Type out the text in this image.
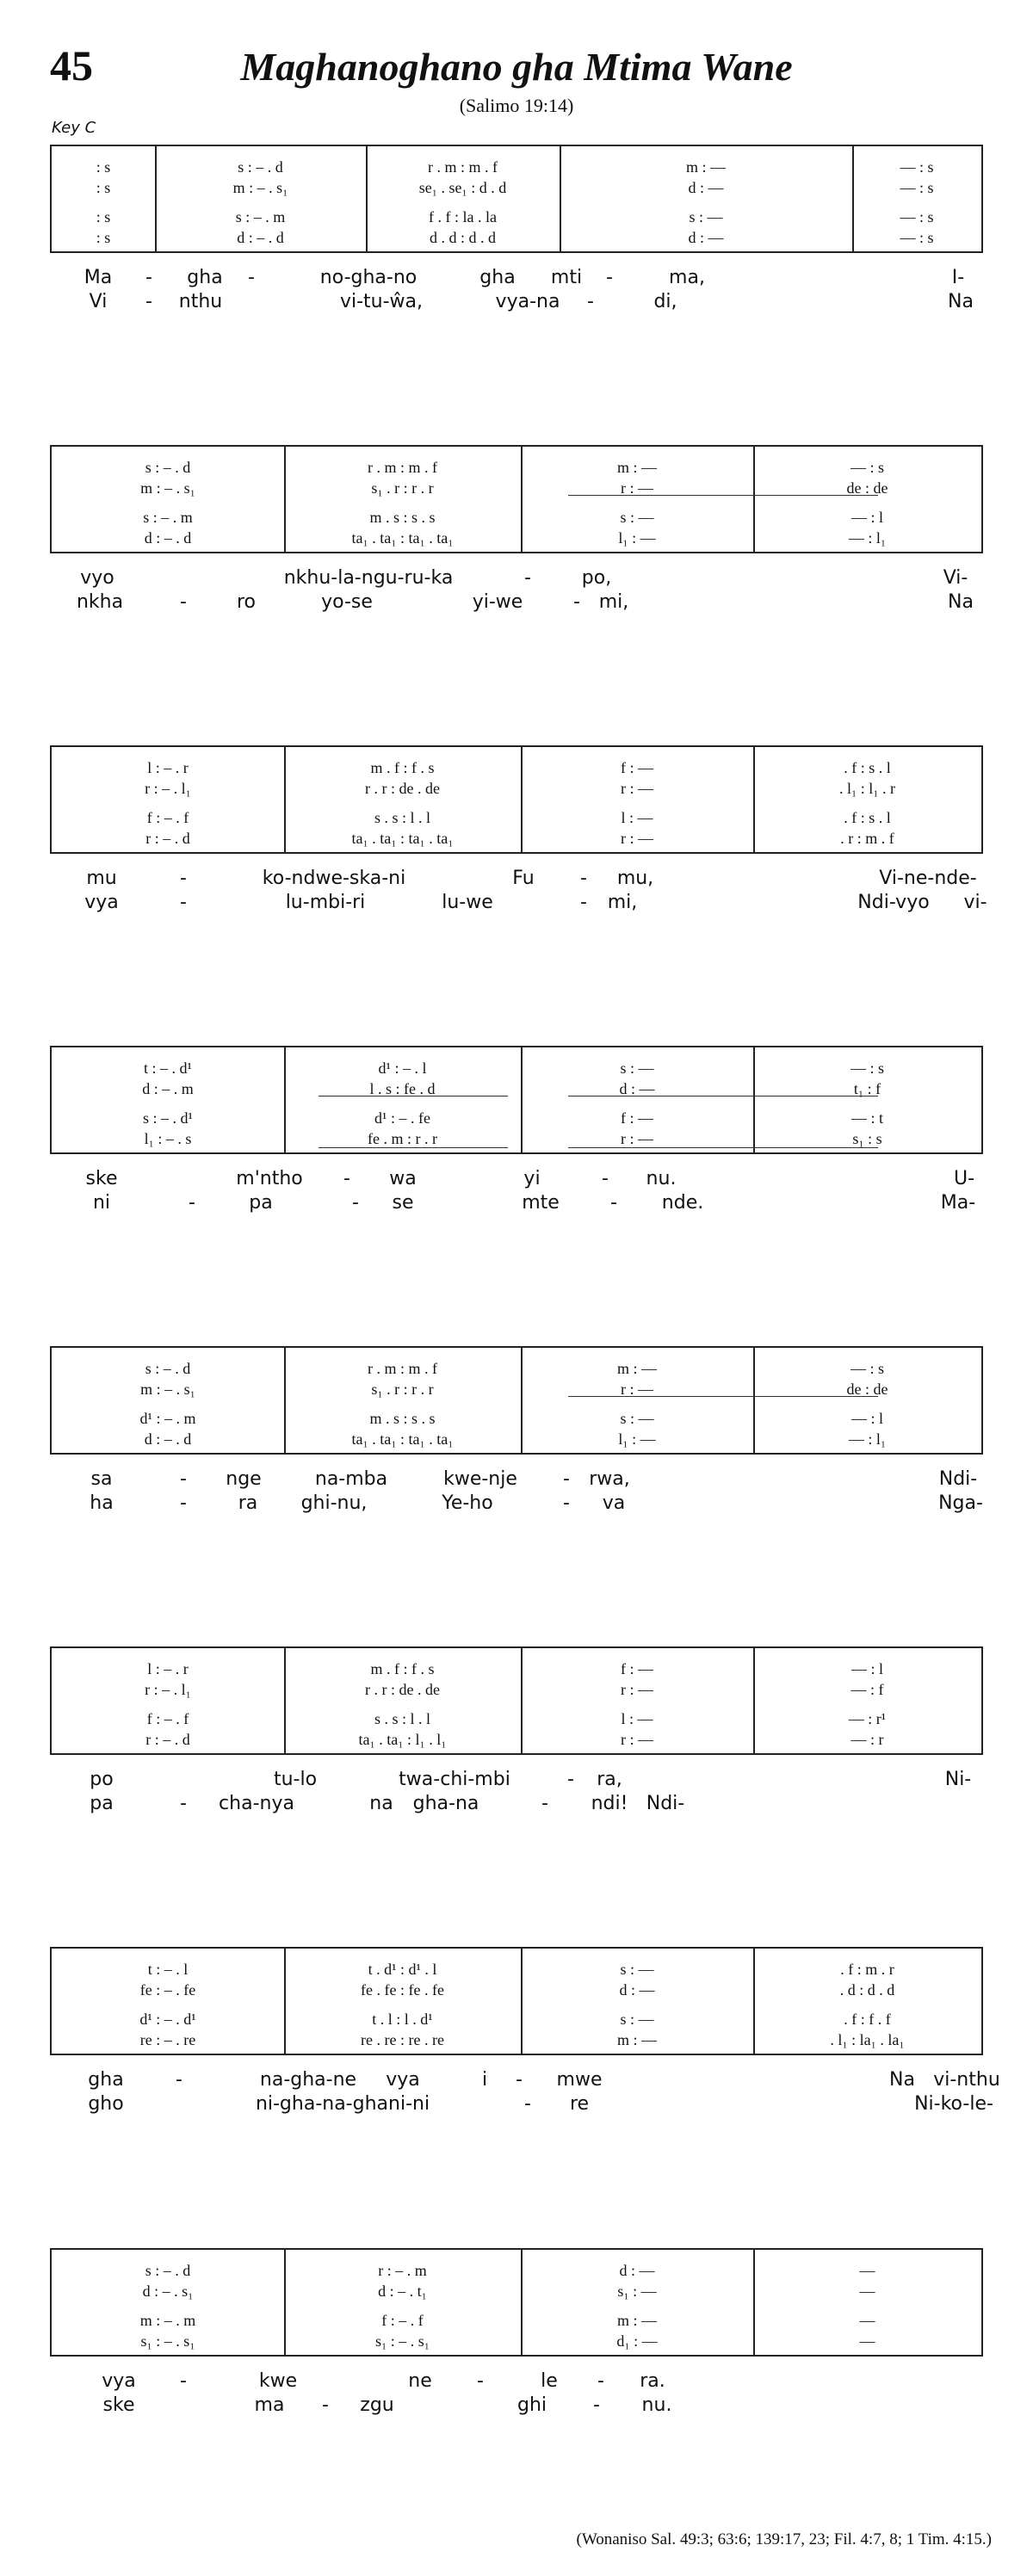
45	Maghanoghano gha Mtima Wane
(Salimo 19:14)
Key C
: s	s : – . d	r . m : m . f	m : —	— : s
: s	m : – . s₁	se₁ . se₁ : d . d	d : —	— : s
: s	s : – . m	f . f : la . la	s : —	— : s
: s	d : – . d	d . d : d . d	d : —	— : s
Ma - gha -	no-gha-no	gha mti -	ma,	I-
Vi - nthu	vi-tu-ŵa,	vya-na -	di,	Na
s : – . d	r . m : m . f	m : —	— : s
m : – . s₁	s₁ . r : r . r	r : —	de : de
s : – . m	m . s : s . s	s : —	— : l
d : – . d	ta₁ . ta₁ : ta₁ . ta₁	l₁ : —	— : l₁
vyo	nkhu-la-ngu-ru-ka	-	po,	Vi-
nkha	-	ro	yo-se	yi-we	- mi,	Na
l : – . r	m . f : f . s	f : —	. f : s . l
r : – . l₁	r . r : de . de	r : —	. l₁ : l₁ . r
f : – . f	s . s : l . l	l : —	. f : s . l
r : – . d	ta₁ . ta₁ : ta₁ . ta₁	r : —	. r : m . f
mu	-	ko-ndwe-ska-ni	Fu - mu,	Vi-ne-nde-
vya	-	lu-mbi-ri	lu-we	- mi,	Ndi-vyo vi-
t : – . d¹	d¹ : – . l	s : —	— : s
d : – . m	l . s : fe . d	d : —	t₁ : f
s : – . d¹	d¹ : – . fe	f : —	— : t
l₁ : – . s	fe . m : r . r	r : —	s₁ : s
ske	m'ntho - wa	yi	- nu.	U-
ni	-	pa	- se	mte	- nde.	Ma-
s : – . d	r . m : m . f	m : —	— : s
m : – . s₁	s₁ . r : r . r	r : —	de : de
d¹ : – . m	m . s : s . s	s : —	— : l
d : – . d	ta₁ . ta₁ : ta₁ . ta₁	l₁ : —	— : l₁
sa	- nge	na-mba	kwe-nje - rwa,	Ndi-
ha	-	ra ghi-nu,	Ye-ho	- va	Nga-
l : – . r	m . f : f . s	f : —	— : l
r : – . l₁	r . r : de . de	r : —	— : f
f : – . f	s . s : l . l	l : —	— : r¹
r : – . d	ta₁ . ta₁ : l₁ . l₁	r : —	— : r
po	tu-lo	twa-chi-mbi	- ra,	Ni-
pa	- cha-nya	na gha-na	- ndi! Ndi-
t : – . l	t . d¹ : d¹ . l	s : —	. f : m . r
fe : – . fe	fe . fe : fe . fe	d : —	. d : d . d
d¹ : – . d¹	t . l : l . d¹	s : —	. f : f . f
re : – . re	re . re : re . re	m : —	. l₁ : la₁ . la₁
gha	-	na-gha-ne vya	i - mwe	Na vi-nthu
gho	ni-gha-na-ghani-ni	- re	Ni-ko-le-
s : – . d	r : – . m	d : —	—
d : – . s₁	d : – . t₁	s₁ : —	—
m : – . m	f : – . f	m : —	—
s₁ : – . s₁	s₁ : – . s₁	d₁ : —	—
vya -	kwe	ne -	le - ra.
ske	ma - zgu	ghi - nu.
(Wonaniso Sal. 49:3; 63:6; 139:17, 23; Fil. 4:7, 8; 1 Tim. 4:15.)
